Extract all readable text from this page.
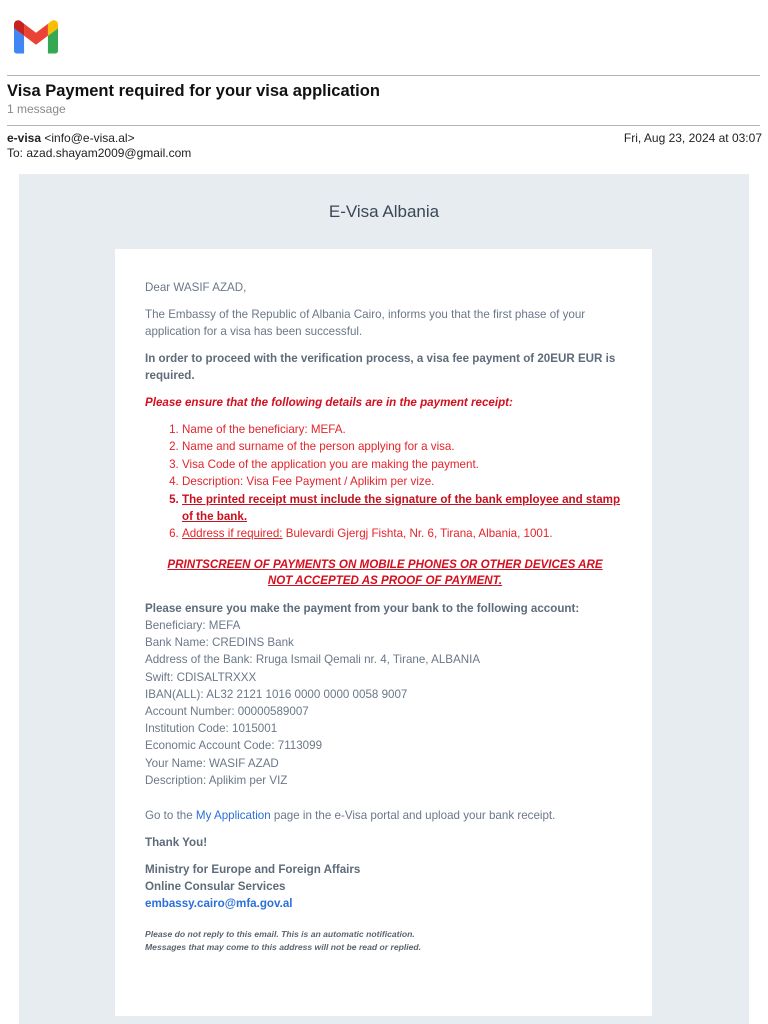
Visa Payment required for your visa application
1 message
e-visa <info@e-visa.al>
To: azad.shayam2009@gmail.com
Fri, Aug 23, 2024 at 03:07
E-Visa Albania

Dear WASIF AZAD,

The Embassy of the Republic of Albania Cairo, informs you that the first phase of your application for a visa has been successful.

In order to proceed with the verification process, a visa fee payment of 20EUR EUR is required.

Please ensure that the following details are in the payment receipt:

1. Name of the beneficiary: MEFA.
2. Name and surname of the person applying for a visa.
3. Visa Code of the application you are making the payment.
4. Description: Visa Fee Payment / Aplikim per vize.
5. The printed receipt must include the signature of the bank employee and stamp of the bank.
6. Address if required: Bulevardi Gjergj Fishta, Nr. 6, Tirana, Albania, 1001.
PRINTSCREEN OF PAYMENTS ON MOBILE PHONES OR OTHER DEVICES ARE NOT ACCEPTED AS PROOF OF PAYMENT.
Please ensure you make the payment from your bank to the following account:
Beneficiary: MEFA
Bank Name: CREDINS Bank
Address of the Bank: Rruga Ismail Qemali nr. 4, Tirane, ALBANIA
Swift: CDISALTRXXX
IBAN(ALL): AL32 2121 1016 0000 0000 0058 9007
Account Number: 00000589007
Institution Code: 1015001
Economic Account Code: 7113099
Your Name: WASIF AZAD
Description: Aplikim per VIZ

Go to the My Application page in the e-Visa portal and upload your bank receipt.

Thank You!

Ministry for Europe and Foreign Affairs
Online Consular Services
embassy.cairo@mfa.gov.al
Please do not reply to this email. This is an automatic notification.
Messages that may come to this address will not be read or replied.
